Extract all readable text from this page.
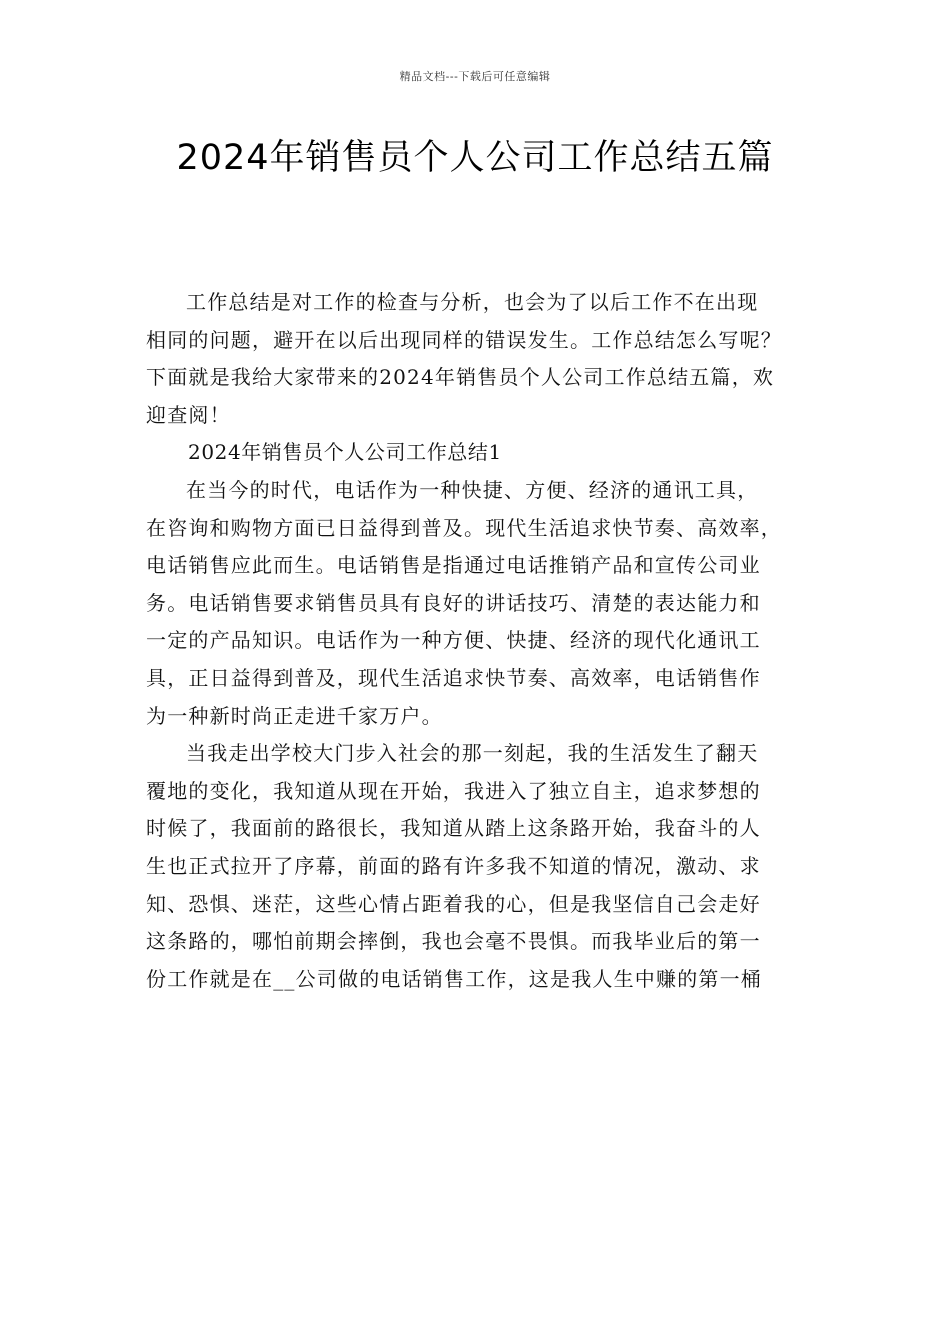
精品文档---下载后可任意编辑
2024年销售员个人公司工作总结五篇

工作总结是对工作的检查与分析，也会为了以后工作不在出现
相同的问题，避开在以后出现同样的错误发生。工作总结怎么写呢？
下面就是我给大家带来的2024年销售员个人公司工作总结五篇，欢
迎查阅！

2024年销售员个人公司工作总结1

在当今的时代，电话作为一种快捷、方便、经济的通讯工具，
在咨询和购物方面已日益得到普及。现代生活追求快节奏、高效率，
电话销售应此而生。电话销售是指通过电话推销产品和宣传公司业
务。电话销售要求销售员具有良好的讲话技巧、清楚的表达能力和
一定的产品知识。电话作为一种方便、快捷、经济的现代化通讯工
具，正日益得到普及，现代生活追求快节奏、高效率，电话销售作
为一种新时尚正走进千家万户。

当我走出学校大门步入社会的那一刻起，我的生活发生了翻天
覆地的变化，我知道从现在开始，我进入了独立自主，追求梦想的
时候了，我面前的路很长，我知道从踏上这条路开始，我奋斗的人
生也正式拉开了序幕，前面的路有许多我不知道的情况，激动、求
知、恐惧、迷茫，这些心情占距着我的心，但是我坚信自己会走好
这条路的，哪怕前期会摔倒，我也会毫不畏惧。而我毕业后的第一
份工作就是在__公司做的电话销售工作，这是我人生中赚的第一桶
